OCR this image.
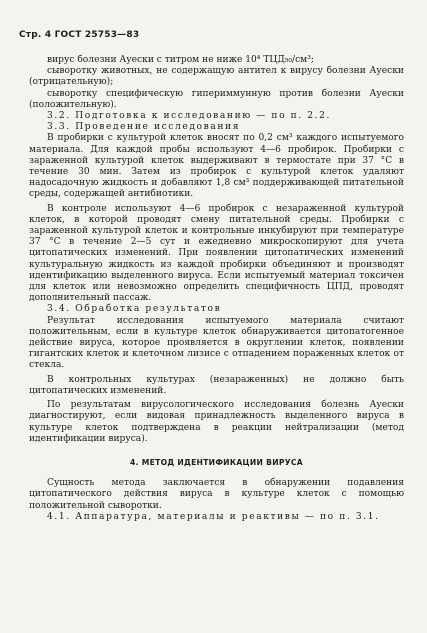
Стр. 4 ГОСТ 25753—83

вирус болезни Ауески с титром не ниже 10⁴ ТЦД₅₀/см³;

сыворотку животных, не содержащую антител к вирусу болезни Ауески (отрицательную);

сыворотку специфическую гипериммунную против болезни Ауески (положительную).

3.2. Подготовка к исследованию — по п. 2.2.

3.3. Проведение исследования

В пробирки с культурой клеток вносят по 0,2 см³ каждого испытуемого материала. Для каждой пробы используют 4—6 пробирок. Пробирки с зараженной культурой клеток выдерживают в термостате при 37 °С в течение 30 мин. Затем из пробирок с культурой клеток удаляют надосадочную жидкость и добавляют 1,8 см³ поддерживающей питательной среды, содержащей антибиотики.

В контроле используют 4—6 пробирок с незараженной культурой клеток, в которой проводят смену питательной среды. Пробирки с зараженной культурой клеток и контрольные инкубируют при температуре 37 °С в течение 2—5 сут и ежедневно микроскопируют для учета цитопатических изменений. При появлении цитопатических изменений культуральную жидкость из каждой пробирки объединяют и производят идентификацию выделенного вируса. Если испытуемый материал токсичен для клеток или невозможно определить специфичность ЦПД, проводят дополнительный пассаж.

3.4. Обработка результатов

Результат исследования испытуемого материала считают положительным, если в культуре клеток обнаруживается цитопатогенное действие вируса, которое проявляется в округлении клеток, появлении гигантских клеток и клеточном лизисе с отпадением пораженных клеток от стекла.

В контрольных культурах (незараженных) не должно быть цитопатических изменений.

По результатам вирусологического исследования болезнь Ауески диагностируют, если видовая принадлежность выделенного вируса в культуре клеток подтверждена в реакции нейтрализации (метод идентификации вируса).

4. МЕТОД ИДЕНТИФИКАЦИИ ВИРУСА

Сущность метода заключается в обнаружении подавления цитопатического действия вируса в культуре клеток с помощью положительной сыворотки.

4.1. Аппаратура, материалы и реактивы — по п. 3.1.
